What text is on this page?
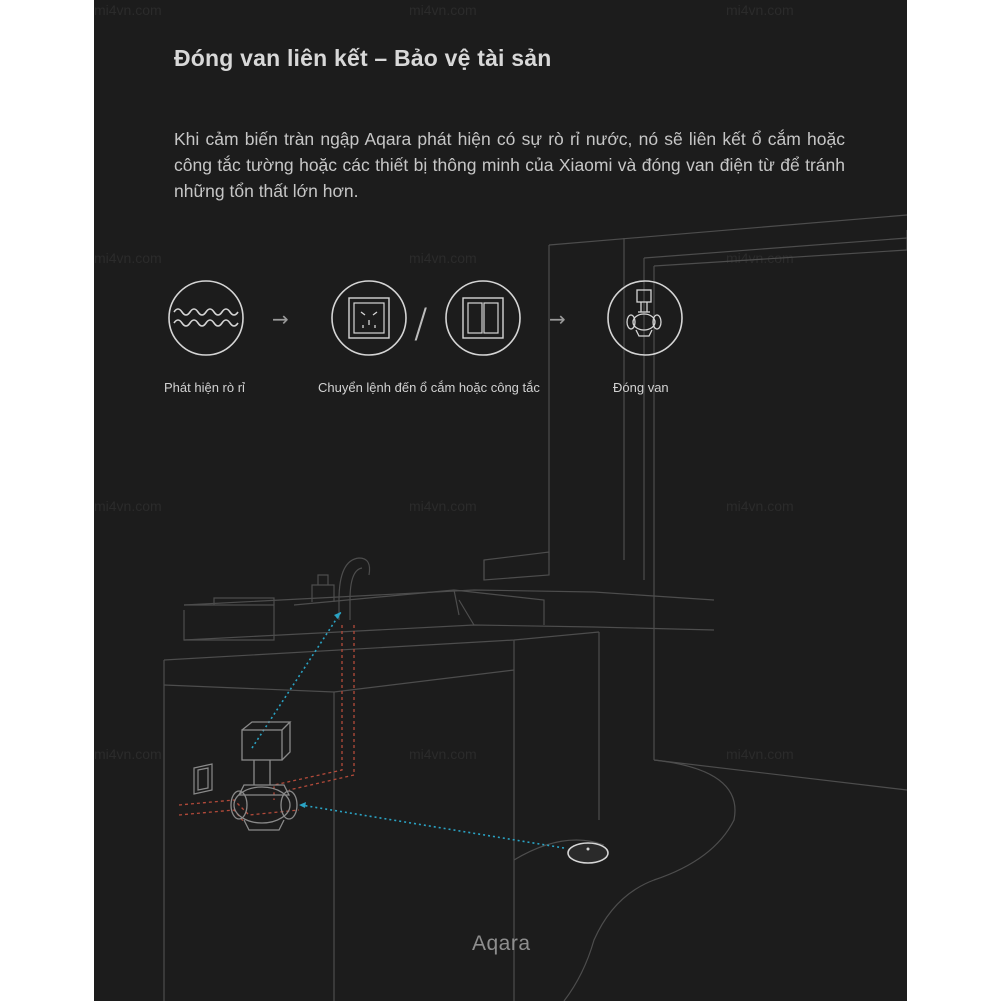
mi4vn.com	mi4vn.com	mi4vn.com
mi4vn.com	mi4vn.com	mi4vn.com
mi4vn.com	mi4vn.com	mi4vn.com
mi4vn.com	mi4vn.com	mi4vn.com
→	→
/
Đóng van liên kết – Bảo vệ tài sản
Khi cảm biến tràn ngập Aqara phát hiện có sự rò rỉ nước, nó sẽ liên kết ổ cắm hoặc công tắc tường hoặc các thiết bị thông minh của Xiaomi và đóng van điện từ để tránh những tổn thất lớn hơn.
Phát hiện rò rỉ	Chuyển lệnh đến ổ cắm hoặc công tắc	Đóng van
Aqara
